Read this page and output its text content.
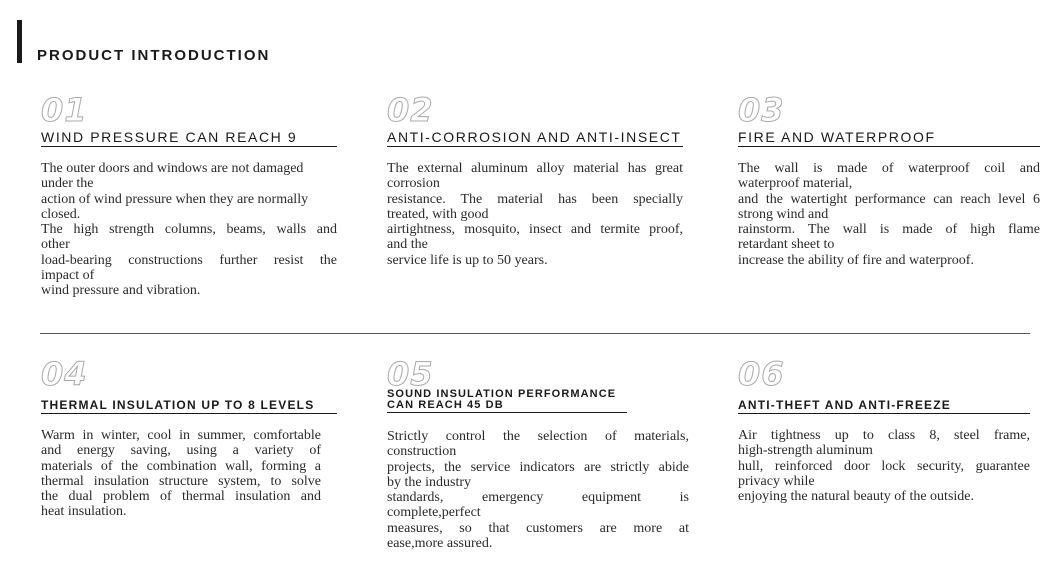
PRODUCT INTRODUCTION
01
WIND PRESSURE CAN REACH 9
The outer doors and windows are not damaged
under the
action of wind pressure when they are normally
closed.
The high strength columns, beams, walls and
other
load-bearing constructions further resist the
impact of
wind pressure and vibration.
02
ANTI-CORROSION AND ANTI-INSECT
The external aluminum alloy material has great
corrosion
resistance. The material has been specially
treated, with good
airtightness, mosquito, insect and termite proof,
and the
service life is up to 50 years.
03
FIRE AND WATERPROOF
The wall is made of waterproof coil and
waterproof material,
and the watertight performance can reach level 6
strong wind and
rainstorm. The wall is made of high flame
retardant sheet to
increase the ability of fire and waterproof.
04
THERMAL INSULATION UP TO 8 LEVELS
Warm in winter, cool in summer, comfortable
and energy saving, using a variety of
materials of the combination wall, forming a
thermal insulation structure system, to solve
the dual problem of thermal insulation and
heat insulation.
05
SOUND INSULATION PERFORMANCE CAN REACH 45 DB
Strictly control the selection of materials,
construction
projects, the service indicators are strictly abide
by the industry
standards, emergency equipment is
complete,perfect
measures, so that customers are more at
ease,more assured.
06
ANTI-THEFT AND ANTI-FREEZE
Air tightness up to class 8, steel frame,
high-strength aluminum
hull, reinforced door lock security, guarantee
privacy while
enjoying the natural beauty of the outside.
